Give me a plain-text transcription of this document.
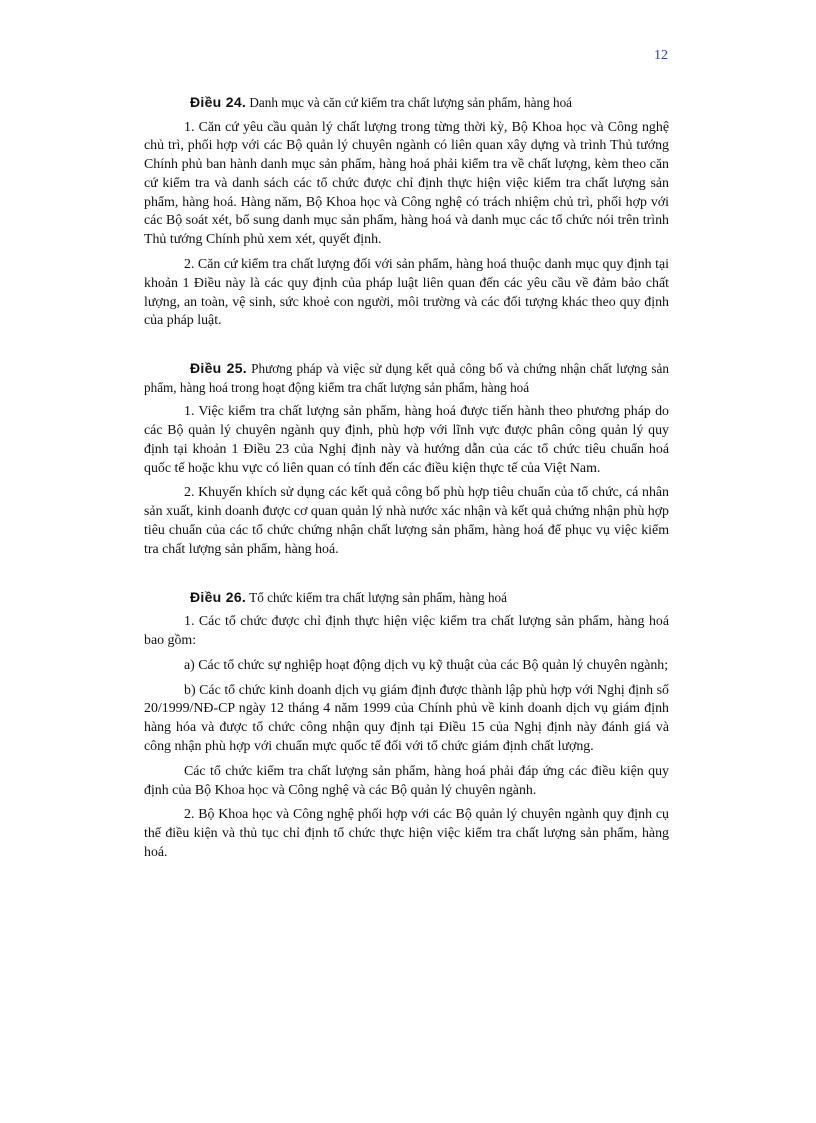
12

Điều 24. Danh mục và căn cứ kiểm tra chất lượng sản phẩm, hàng hoá

1. Căn cứ yêu cầu quản lý chất lượng trong từng thời kỳ, Bộ Khoa học và Công nghệ chủ trì, phối hợp với các Bộ quản lý chuyên ngành có liên quan xây dựng và trình Thủ tướng Chính phủ ban hành danh mục sản phẩm, hàng hoá phải kiểm tra về chất lượng, kèm theo căn cứ kiểm tra và danh sách các tổ chức được chỉ định thực hiện việc kiểm tra chất lượng sản phẩm, hàng hoá. Hàng năm, Bộ Khoa học và Công nghệ có trách nhiệm chủ trì, phối hợp với các Bộ soát xét, bổ sung danh mục sản phẩm, hàng hoá và danh mục các tổ chức nói trên trình Thủ tướng Chính phủ xem xét, quyết định.

2. Căn cứ kiểm tra chất lượng đối với sản phẩm, hàng hoá thuộc danh mục quy định tại khoản 1 Điều này là các quy định của pháp luật liên quan đến các yêu cầu về đảm bảo chất lượng, an toàn, vệ sinh, sức khoẻ con người, môi trường và các đối tượng khác theo quy định của pháp luật.

Điều 25. Phương pháp và việc sử dụng kết quả công bố và chứng nhận chất lượng sản phẩm, hàng hoá trong hoạt động kiểm tra chất lượng sản phẩm, hàng hoá

1. Việc kiểm tra chất lượng sản phẩm, hàng hoá được tiến hành theo phương pháp do các Bộ quản lý chuyên ngành quy định, phù hợp với lĩnh vực được phân công quản lý quy định tại khoản 1 Điều 23 của Nghị định này và hướng dẫn của các tổ chức tiêu chuẩn hoá quốc tế hoặc khu vực có liên quan có tính đến các điều kiện thực tế của Việt Nam.

2. Khuyến khích sử dụng các kết quả công bố phù hợp tiêu chuẩn của tổ chức, cá nhân sản xuất, kinh doanh được cơ quan quản lý nhà nước xác nhận và kết quả chứng nhận phù hợp tiêu chuẩn của các tổ chức chứng nhận chất lượng sản phẩm, hàng hoá để phục vụ việc kiểm tra chất lượng sản phẩm, hàng hoá.

Điều 26. Tổ chức kiểm tra chất lượng sản phẩm, hàng hoá

1. Các tổ chức được chỉ định thực hiện việc kiểm tra chất lượng sản phẩm, hàng hoá bao gồm:

a) Các tổ chức sự nghiệp hoạt động dịch vụ kỹ thuật của các Bộ quản lý chuyên ngành;

b) Các tổ chức kinh doanh dịch vụ giám định được thành lập phù hợp với Nghị định số 20/1999/NĐ-CP ngày 12 tháng 4 năm 1999 của Chính phủ về kinh doanh dịch vụ giám định hàng hóa và được tổ chức công nhận quy định tại Điều 15 của Nghị định này đánh giá và công nhận phù hợp với chuẩn mực quốc tế đối với tổ chức giám định chất lượng.

Các tổ chức kiểm tra chất lượng sản phẩm, hàng hoá phải đáp ứng các điều kiện quy định của Bộ Khoa học và Công nghệ và các Bộ quản lý chuyên ngành.

2. Bộ Khoa học và Công nghệ phối hợp với các Bộ quản lý chuyên ngành quy định cụ thể điều kiện và thủ tục chỉ định tổ chức thực hiện việc kiểm tra chất lượng sản phẩm, hàng hoá.
